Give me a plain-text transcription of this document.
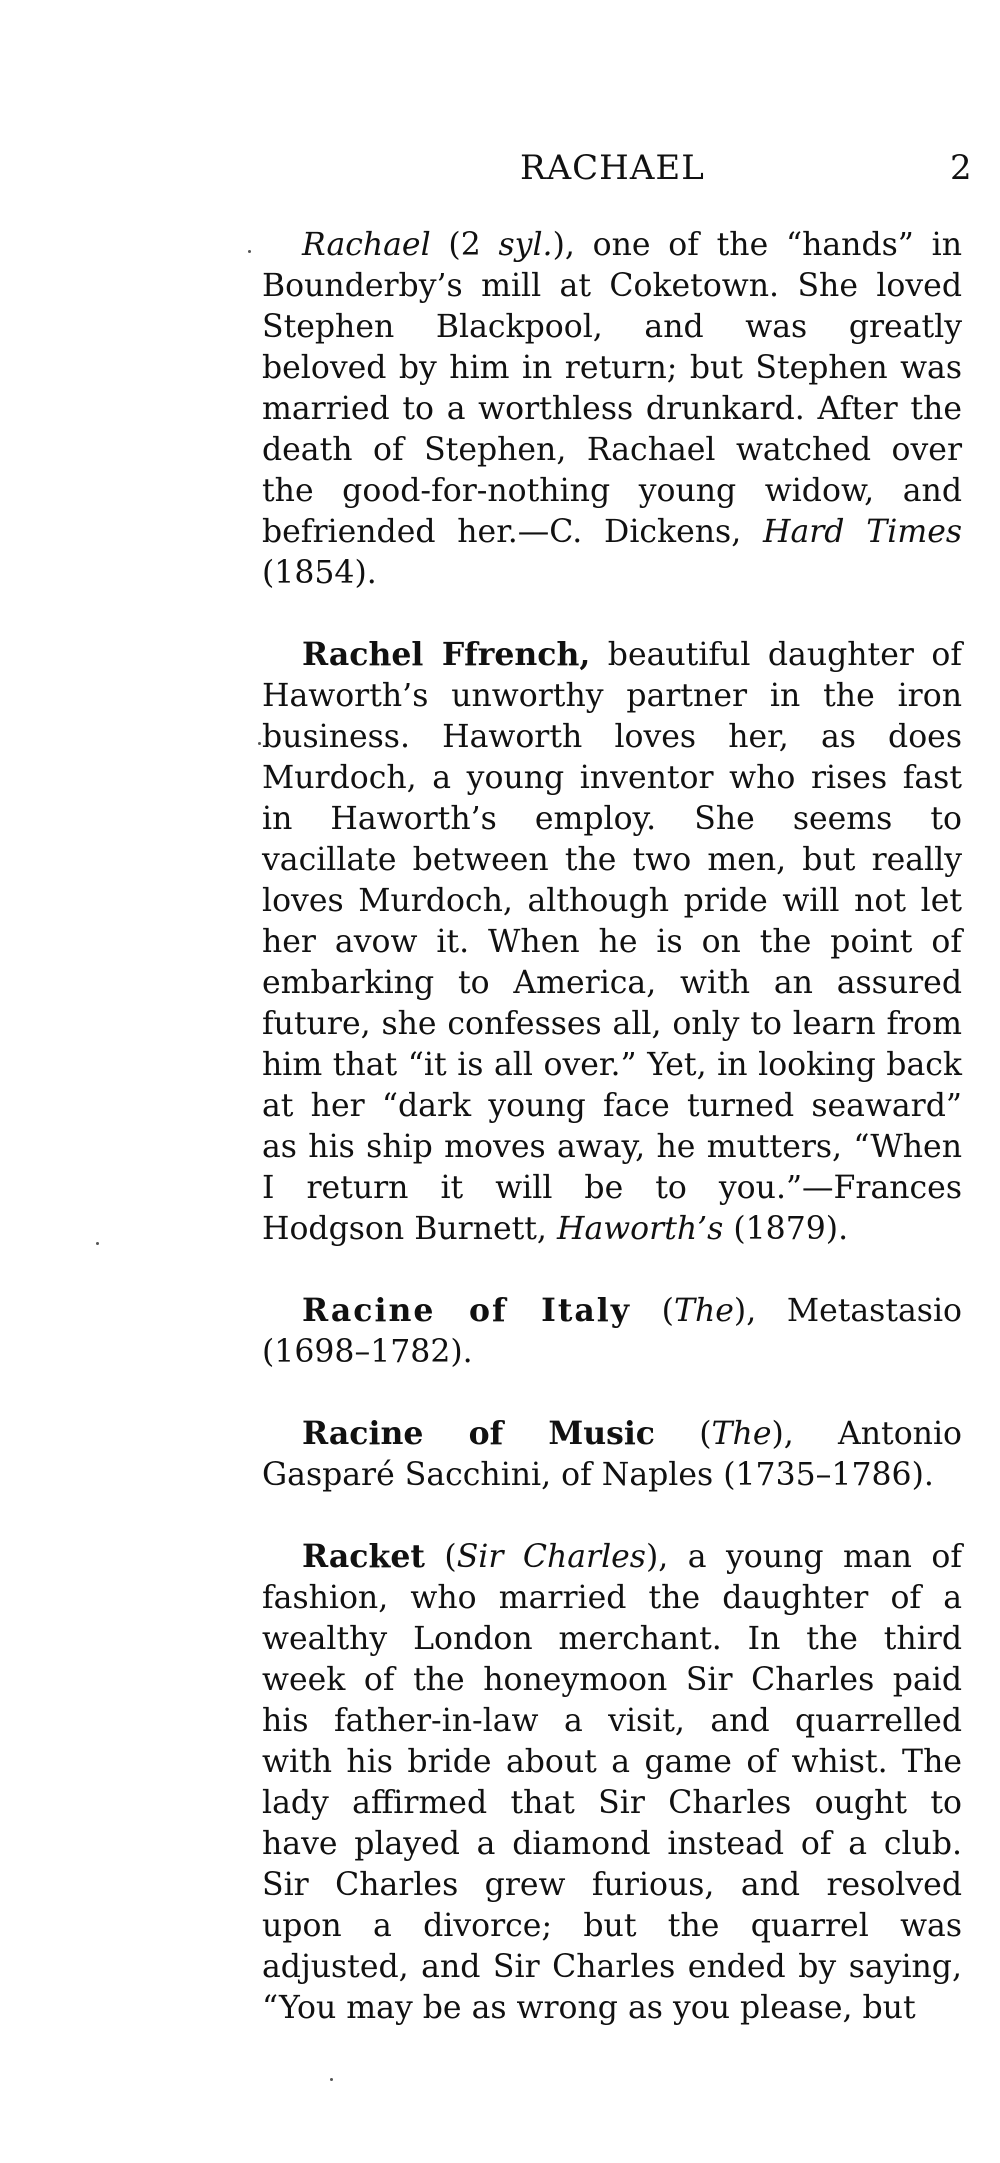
RACHAEL	2

Rachael (2 syl.), one of the “hands” in Bounderby’s mill at Coketown. She loved Stephen Blackpool, and was greatly beloved by him in return; but Stephen was married to a worthless drunkard. After the death of Stephen, Rachael watched over the good-for-nothing young widow, and befriended her.—C. Dickens, Hard Times (1854).

Rachel Ffrench, beautiful daughter of Haworth’s unworthy partner in the iron business. Haworth loves her, as does Murdoch, a young inventor who rises fast in Haworth’s employ. She seems to vacillate between the two men, but really loves Murdoch, although pride will not let her avow it. When he is on the point of embarking to America, with an assured future, she confesses all, only to learn from him that “it is all over.” Yet, in looking back at her “dark young face turned seaward” as his ship moves away, he mutters, “When I return it will be to you.”—Frances Hodgson Burnett, Haworth’s (1879).

Racine of Italy (The), Metastasio (1698–1782).

Racine of Music (The), Antonio Gasparé Sacchini, of Naples (1735–1786).

Racket (Sir Charles), a young man of fashion, who married the daughter of a wealthy London merchant. In the third week of the honeymoon Sir Charles paid his father-in-law a visit, and quarrelled with his bride about a game of whist. The lady affirmed that Sir Charles ought to have played a diamond instead of a club. Sir Charles grew furious, and resolved upon a divorce; but the quarrel was adjusted, and Sir Charles ended by saying, “You may be as wrong as you please, but
